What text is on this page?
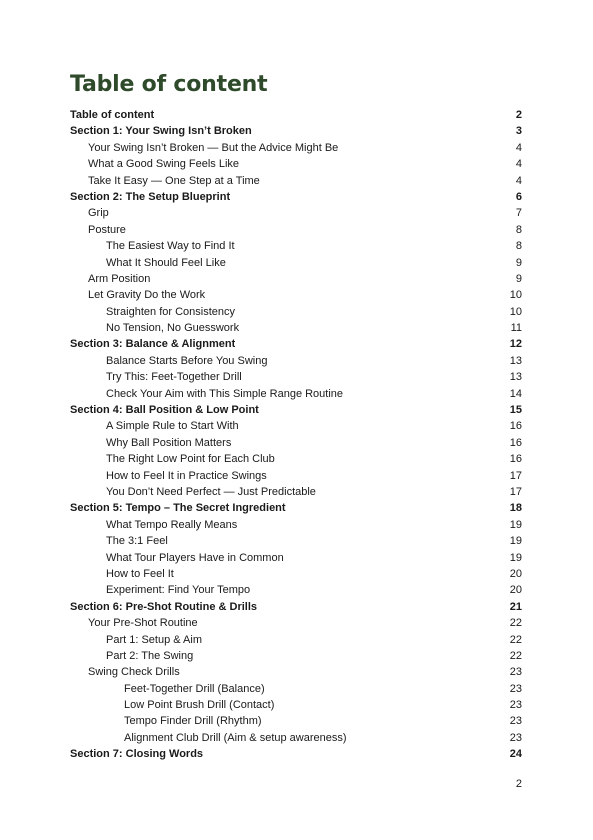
Table of content
Table of content	2
Section 1: Your Swing Isn’t Broken	3
Your Swing Isn’t Broken — But the Advice Might Be	4
What a Good Swing Feels Like	4
Take It Easy — One Step at a Time	4
Section 2: The Setup Blueprint	6
Grip	7
Posture	8
The Easiest Way to Find It	8
What It Should Feel Like	9
Arm Position	9
Let Gravity Do the Work	10
Straighten for Consistency	10
No Tension, No Guesswork	11
Section 3: Balance & Alignment	12
Balance Starts Before You Swing	13
Try This: Feet-Together Drill	13
Check Your Aim with This Simple Range Routine	14
Section 4: Ball Position & Low Point	15
A Simple Rule to Start With	16
Why Ball Position Matters	16
The Right Low Point for Each Club	16
How to Feel It in Practice Swings	17
You Don’t Need Perfect — Just Predictable	17
Section 5: Tempo – The Secret Ingredient	18
What Tempo Really Means	19
The 3:1 Feel	19
What Tour Players Have in Common	19
How to Feel It	20
Experiment: Find Your Tempo	20
Section 6: Pre-Shot Routine & Drills	21
Your Pre-Shot Routine	22
Part 1: Setup & Aim	22
Part 2: The Swing	22
Swing Check Drills	23
Feet-Together Drill (Balance)	23
Low Point Brush Drill (Contact)	23
Tempo Finder Drill (Rhythm)	23
Alignment Club Drill (Aim & setup awareness)	23
Section 7: Closing Words	24
2
